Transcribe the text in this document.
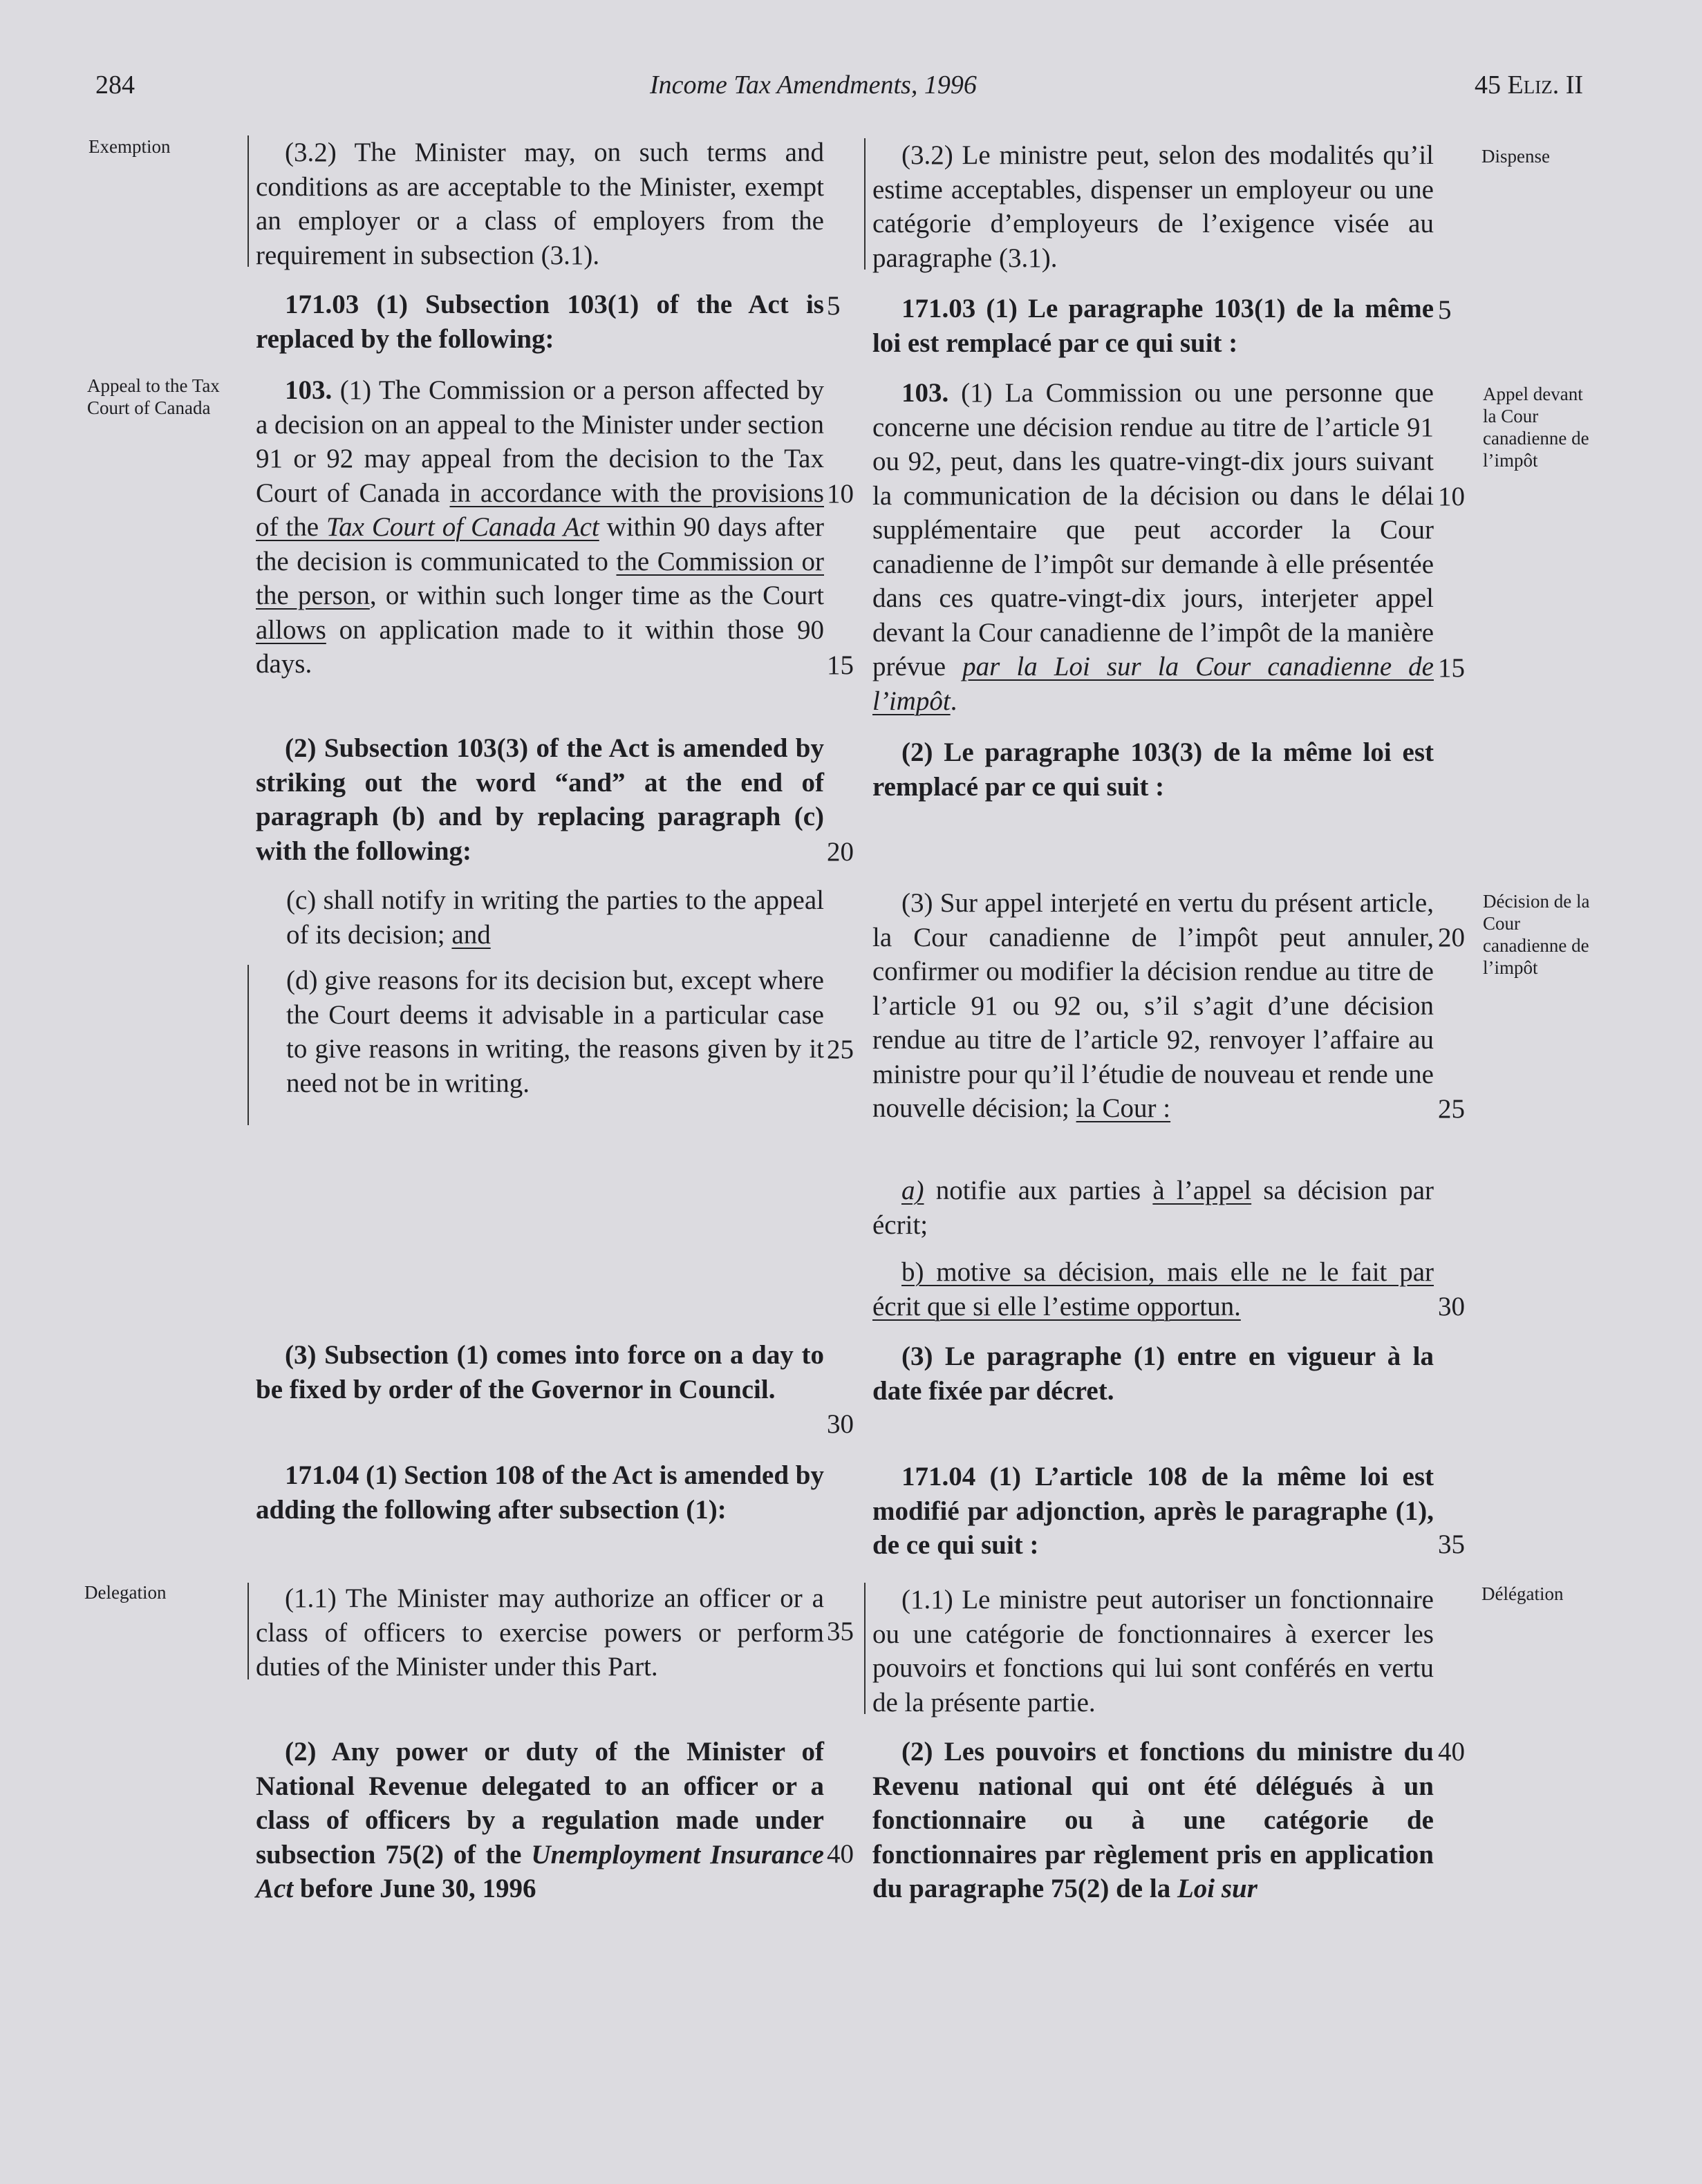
284	Income Tax Amendments, 1996	45 Eliz. II
Exemption
Appeal to the Tax Court of Canada
Delegation
Dispense
Appel devant la Cour canadienne de l’impôt
Décision de la Cour canadienne de l’impôt
Délégation
(3.2) The Minister may, on such terms and conditions as are acceptable to the Minister, exempt an employer or a class of employers from the requirement in subsection (3.1).
171.03 (1) Subsection 103(1) of the Act is replaced by the following:
103. (1) The Commission or a person affected by a decision on an appeal to the Minister under section 91 or 92 may appeal from the decision to the Tax Court of Canada in accordance with the provisions of the Tax Court of Canada Act within 90 days after the decision is communicated to the Commission or the person, or within such longer time as the Court allows on application made to it within those 90 days.
(2) Subsection 103(3) of the Act is amended by striking out the word “and” at the end of paragraph (b) and by replacing paragraph (c) with the following:
(c) shall notify in writing the parties to the appeal of its decision; and
(d) give reasons for its decision but, except where the Court deems it advisable in a particular case to give reasons in writing, the reasons given by it need not be in writing.
(3) Subsection (1) comes into force on a day to be fixed by order of the Governor in Council.
171.04 (1) Section 108 of the Act is amended by adding the following after subsection (1):
(1.1) The Minister may authorize an officer or a class of officers to exercise powers or perform duties of the Minister under this Part.
(2) Any power or duty of the Minister of National Revenue delegated to an officer or a class of officers by a regulation made under subsection 75(2) of the Unemployment Insurance Act before June 30, 1996
5
10
15
20
25
30
35
40
(3.2) Le ministre peut, selon des modalités qu’il estime acceptables, dispenser un employeur ou une catégorie d’employeurs de l’exigence visée au paragraphe (3.1).
171.03 (1) Le paragraphe 103(1) de la même loi est remplacé par ce qui suit :
103. (1) La Commission ou une personne que concerne une décision rendue au titre de l’article 91 ou 92, peut, dans les quatre-vingt-dix jours suivant la communication de la décision ou dans le délai supplémentaire que peut accorder la Cour canadienne de l’impôt sur demande à elle présentée dans ces quatre-vingt-dix jours, interjeter appel devant la Cour canadienne de l’impôt de la manière prévue par la Loi sur la Cour canadienne de l’impôt.
(2) Le paragraphe 103(3) de la même loi est remplacé par ce qui suit :
(3) Sur appel interjeté en vertu du présent article, la Cour canadienne de l’impôt peut annuler, confirmer ou modifier la décision rendue au titre de l’article 91 ou 92 ou, s’il s’agit d’une décision rendue au titre de l’article 92, renvoyer l’affaire au ministre pour qu’il l’étudie de nouveau et rende une nouvelle décision; la Cour :
a) notifie aux parties à l’appel sa décision par écrit;
b) motive sa décision, mais elle ne le fait par écrit que si elle l’estime opportun.
(3) Le paragraphe (1) entre en vigueur à la date fixée par décret.
171.04 (1) L’article 108 de la même loi est modifié par adjonction, après le paragraphe (1), de ce qui suit :
(1.1) Le ministre peut autoriser un fonctionnaire ou une catégorie de fonctionnaires à exercer les pouvoirs et fonctions qui lui sont conférés en vertu de la présente partie.
(2) Les pouvoirs et fonctions du ministre du Revenu national qui ont été délégués à un fonctionnaire ou à une catégorie de fonctionnaires par règlement pris en application du paragraphe 75(2) de la Loi sur
5
10
15
20
25
30
35
40
